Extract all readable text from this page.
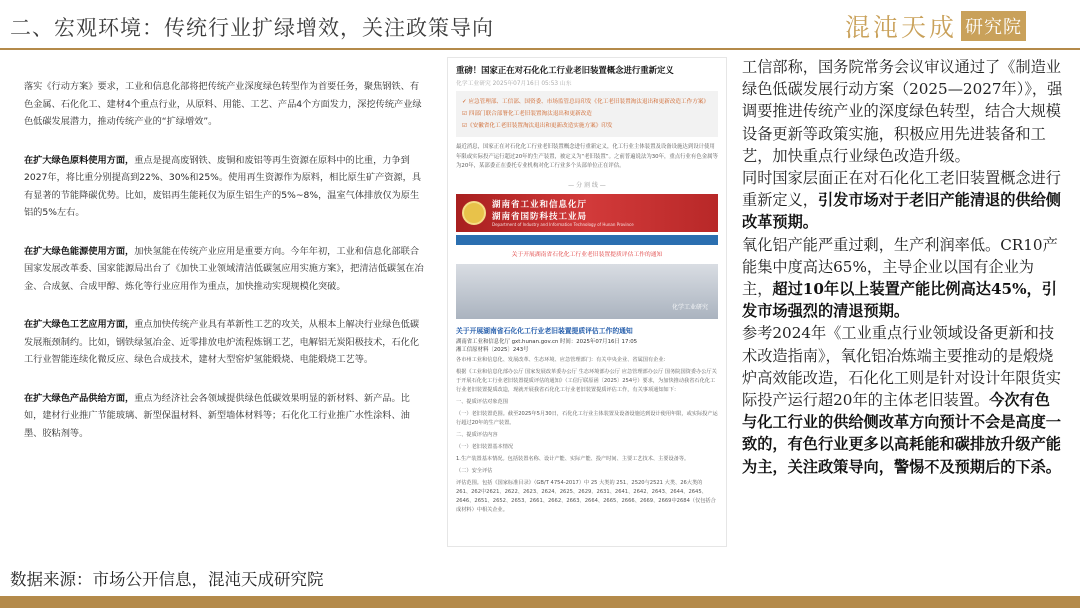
二、宏观环境：传统行业扩绿增效，关注政策导向	混沌天成 研究院

落实《行动方案》要求，工业和信息化部将把传统产业深度绿色转型作为首要任务，聚焦钢铁、有色金属、石化化工、建材4个重点行业，从原料、用能、工艺、产品4个方面发力，深挖传统产业绿色低碳发展潜力，推动传统产业的“扩绿增效”。

在扩大绿色原料使用方面，重点是提高废钢铁、废铜和废铝等再生资源在原料中的比重，力争到2027年，将比重分别提高到22%、30%和25%。使用再生资源作为原料，相比原生矿产资源，具有显著的节能降碳优势。比如，废铝再生能耗仅为原生铝生产的5%~8%，温室气体排放仅为原生铝的5%左右。

在扩大绿色能源使用方面，加快氢能在传统产业应用是重要方向。今年年初，工业和信息化部联合国家发展改革委、国家能源局出台了《加快工业领域清洁低碳氢应用实施方案》，把清洁低碳氢在冶金、合成氨、合成甲醇、炼化等行业应用作为重点，加快推动实现规模化突破。

在扩大绿色工艺应用方面，重点加快传统产业具有革新性工艺的攻关，从根本上解决行业绿色低碳发展瓶颈制约。比如，钢铁绿氢冶金、近零排放电炉流程炼钢工艺，电解铝无炭阳极技术，石化化工行业智能连续化微反应、绿色合成技术，建材大型窑炉氢能煅烧、电能煅烧工艺等。

在扩大绿色产品供给方面，重点为经济社会各领域提供绿色低碳效果明显的新材料、新产品。比如，建材行业推广节能玻璃、新型保温材料、新型墙体材料等；石化化工行业推广水性涂料、油墨、胶粘剂等。

重磅！国家正在对石化化工行业老旧装置概念进行重新定义
化学工业研究 2025年07月16日 05:53 山东
✓ 应急管理部、工信部、国资委、市场监管总局印发《化工老旧装置淘汰退出和更新改造工作方案》
☑ 四部门联合部署化工老旧装置淘汰退出和更新改造
☑《安徽省化工老旧装置淘汰退出和更新改造实施方案》印发
最近消息，国家正在对石化化工行业老旧装置概念进行重新定义，化工行业主体装置及设备设施达到设计使用年限或实际投产运行超过20年的生产装置，被定义为“老旧装置”。之前普遍说法为30年，重点行业有色金属等为20年，某部委正在委托专业机构对化工行业多个头部单位正在评估。
— 分 割 线 —
湖南省工业和信息化厅
湖南省国防科技工业局
Department of Industry and Information Technology of Hunan Province
关于开展湖南省石化化工行业老旧装置提质评估工作的通知
化学工业研究
关于开展湖南省石化化工行业老旧装置提质评估工作的通知
湖南省工业和信息化厅 gxt.hunan.gov.cn 时间：2025年07月16日 17:05
湘工信原材料〔2025〕243号

各市州工业和信息化、发展改革、生态环境、应急管理部门：有关中央企业、省属国有企业：

根据《工业和信息化部办公厅 国家发展改革委办公厅 生态环境部办公厅 应急管理部办公厅 国务院国资委办公厅关于开展石化化工行业老旧装置提质评估的通知》（工信厅联原函〔2025〕254号）要求，为加快推动我省石化化工行业老旧装置提质改造，现就开展我省石化化工行业老旧装置提质评估工作，有关事项通知如下：

一、提质评估对象范围

（一）老旧装置范围。截至2025年5月30日，石化化工行业主体装置及设备设施达到设计使用年限，或实际投产运行超过20年的生产装置。

二、提质评估内容

（一）老旧装置基本情况

1.生产装置基本情况。包括装置名称、设计产能、实际产能、投产时间、主要工艺技术、主要设备等。

（二）安全评估

评估范围。包括《国家标准目录》（GB/T 4754-2017）中 25 大类的 251、2520与2521 大类、26大类的 261、262中2621、2622、2623、2624、2625、2629、2631、2641、2642、2643、2644、2645、2646、2651、2652、2653、2661、2662、2663、2664、2665、2666、2669、2669中2684（仅包括合成材料）中相关企业。

工信部称，国务院常务会议审议通过了《制造业绿色低碳发展行动方案（2025—2027年）》，强调要推进传统产业的深度绿色转型，结合大规模设备更新等政策实施，积极应用先进装备和工艺，加快重点行业绿色改造升级。
同时国家层面正在对石化化工老旧装置概念进行重新定义，引发市场对于老旧产能清退的供给侧改革预期。
氧化铝产能严重过剩，生产利润率低。CR10产能集中度高达65%，主导企业以国有企业为主，超过10年以上装置产能比例高达45%，引发市场强烈的清退预期。
参考2024年《工业重点行业领域设备更新和技术改造指南》，氧化铝冶炼端主要推动的是煅烧炉高效能改造，石化化工则是针对设计年限货实际投产运行超20年的主体老旧装置。今次有色与化工行业的供给侧改革方向预计不会是高度一致的，有色行业更多以高耗能和碳排放升级产能为主，关注政策导向，警惕不及预期后的下杀。
数据来源：市场公开信息，混沌天成研究院
